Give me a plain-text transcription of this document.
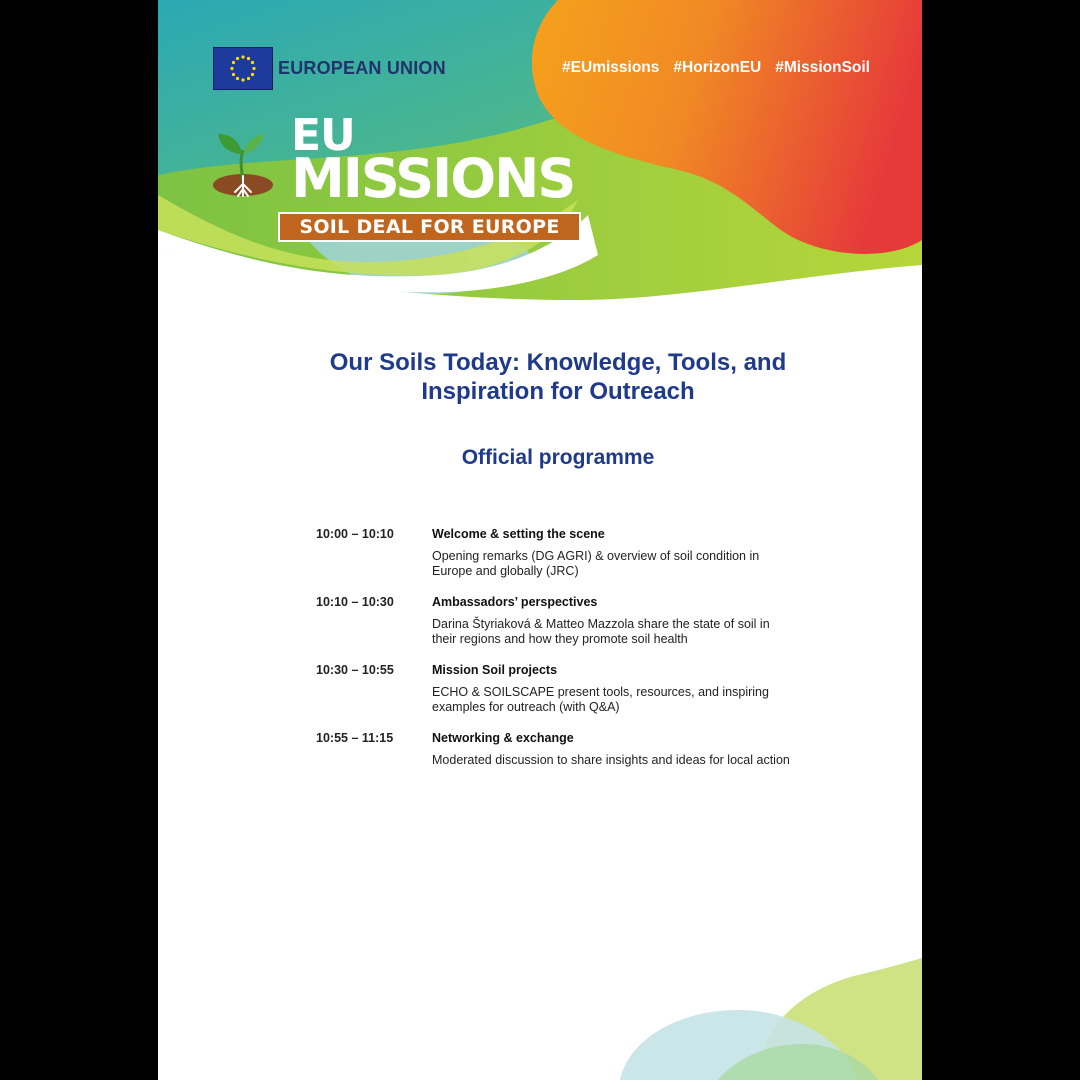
EUROPEAN UNION	#EUmissions #HorizonEU #MissionSoil
EU
MISSIONS
SOIL DEAL FOR EUROPE
Our Soils Today: Knowledge, Tools, and
Inspiration for Outreach
Official programme
10:00 – 10:10	Welcome & setting the scene
Opening remarks (DG AGRI) & overview of soil condition in
Europe and globally (JRC)
10:10 – 10:30	Ambassadors’ perspectives
Darina Štyriaková & Matteo Mazzola share the state of soil in
their regions and how they promote soil health
10:30 – 10:55	Mission Soil projects
ECHO & SOILSCAPE present tools, resources, and inspiring
examples for outreach (with Q&A)
10:55 – 11:15	Networking & exchange
Moderated discussion to share insights and ideas for local action
